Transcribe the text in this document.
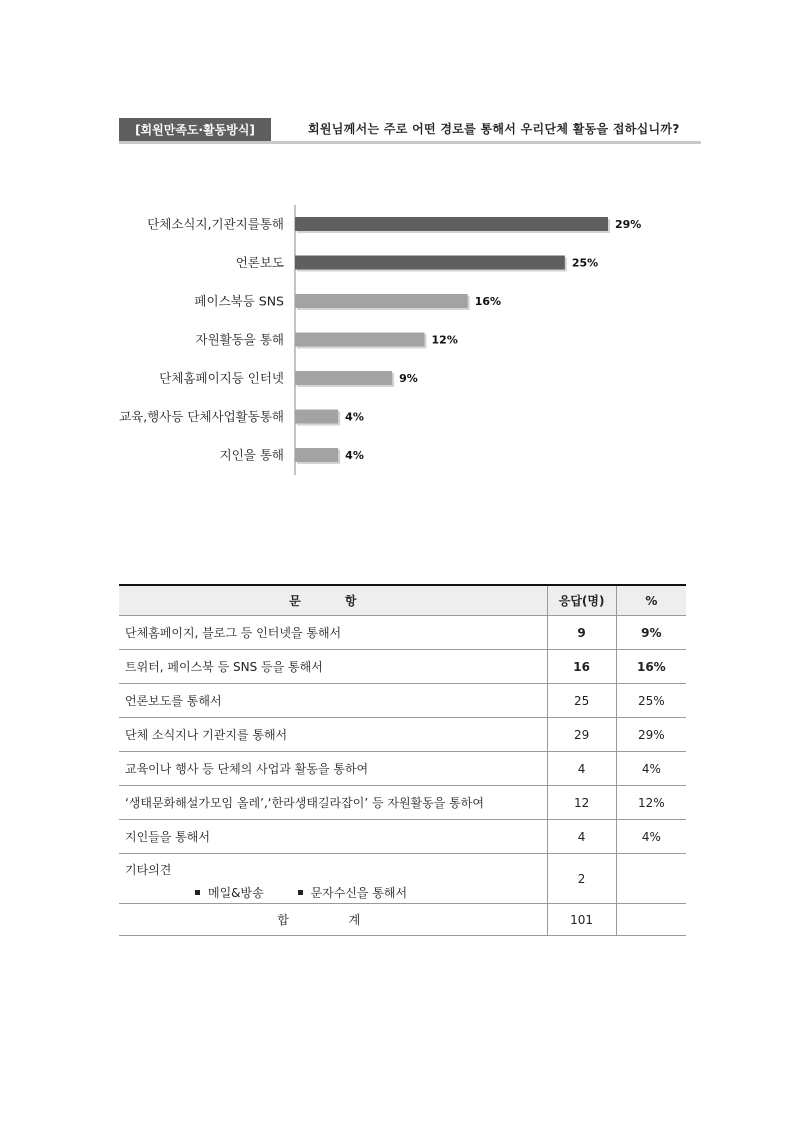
[회원만족도·활동방식]	회원님께서는 주로 어떤 경로를 통해서 우리단체 활동을 접하십니까?
단체소식지,기관지를통해	29%
언론보도	25%
페이스북등 SNS	16%
자원활동을 통해	12%
단체홈페이지등 인터넷	9%
교육,행사등 단체사업활동통해	4%
지인을 통해	4%
문 항	응답(명)	%
단체홈페이지, 블로그 등 인터넷을 통해서	9	9%
트위터, 페이스북 등 SNS 등을 통해서	16	16%
언론보도를 통해서	25	25%
단체 소식지나 기관지를 통해서	29	29%
교육이나 행사 등 단체의 사업과 활동을 통하여	4	4%
‘생태문화해설가모임 올레’,‘한라생태길라잡이’ 등 자원활동을 통하여	12	12%
지인들을 통해서	4	4%

기타의견
메일&방송 문자수신을 통해서	2	
합 계	101	
